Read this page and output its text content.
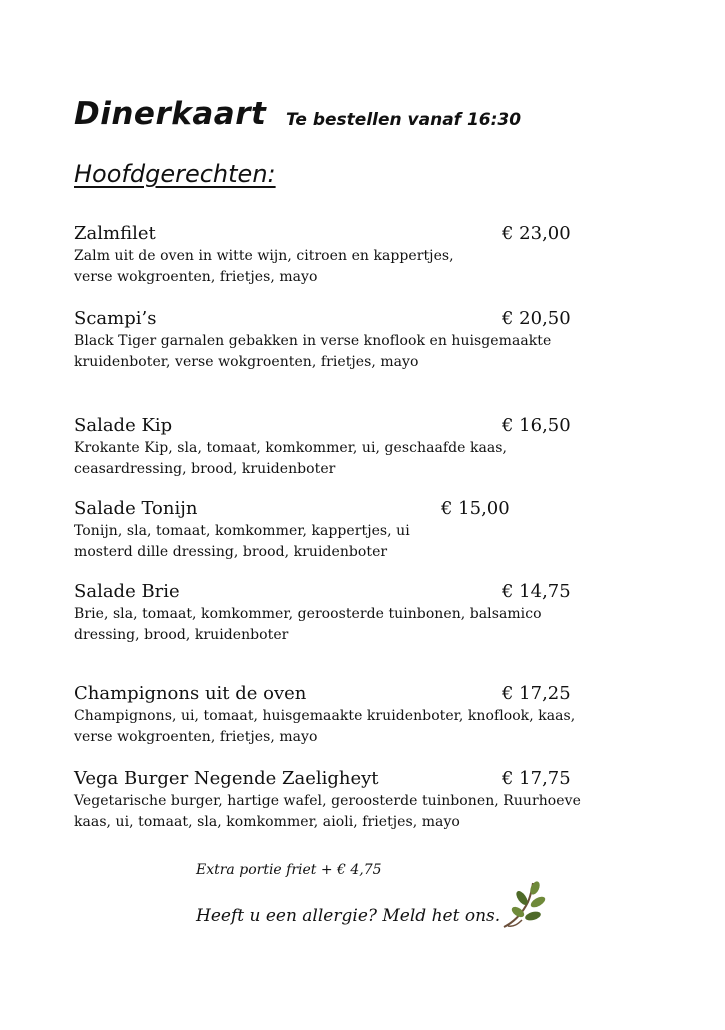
Dinerkaart Te bestellen vanaf 16:30
Hoofdgerechten:

Zalmfilet	€ 23,00

Zalm uit de oven in witte wijn, citroen en kappertjes,

verse wokgroenten, frietjes, mayo

Scampi’s	€ 20,50

Black Tiger garnalen gebakken in verse knoflook en huisgemaakte

kruidenboter, verse wokgroenten, frietjes, mayo

Salade Kip	€ 16,50

Krokante Kip, sla, tomaat, komkommer, ui, geschaafde kaas,

ceasardressing, brood, kruidenboter

Salade Tonijn	€ 15,00

Tonijn, sla, tomaat, komkommer, kappertjes, ui

mosterd dille dressing, brood, kruidenboter

Salade Brie	€ 14,75

Brie, sla, tomaat, komkommer, geroosterde tuinbonen, balsamico

dressing, brood, kruidenboter

Champignons uit de oven	€ 17,25

Champignons, ui, tomaat, huisgemaakte kruidenboter, knoflook, kaas,

verse wokgroenten, frietjes, mayo

Vega Burger Negende Zaeligheyt	€ 17,75

Vegetarische burger, hartige wafel, geroosterde tuinbonen, Ruurhoeve

kaas, ui, tomaat, sla, komkommer, aioli, frietjes, mayo

Extra portie friet + € 4,75
Heeft u een allergie? Meld het ons.
